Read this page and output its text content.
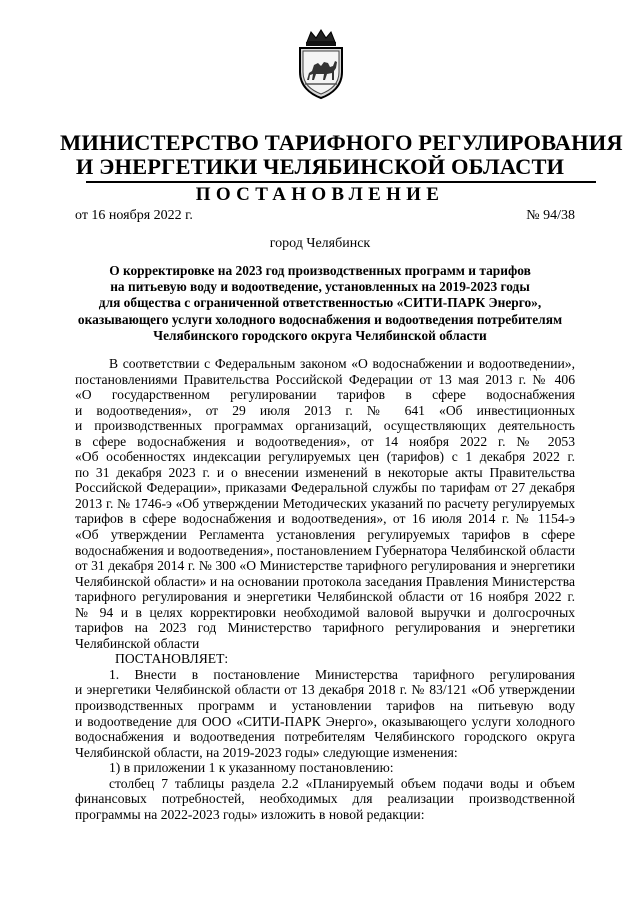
МИНИСТЕРСТВО ТАРИФНОГО РЕГУЛИРОВАНИЯ
И ЭНЕРГЕТИКИ ЧЕЛЯБИНСКОЙ ОБЛАСТИ
ПОСТАНОВЛЕНИЕ
от 16 ноября 2022 г.	№ 94/38
город Челябинск
О корректировке на 2023 год производственных программ и тарифов
на питьевую воду и водоотведение, установленных на 2019-2023 годы
для общества с ограниченной ответственностью «СИТИ-ПАРК Энерго»,
оказывающего услуги холодного водоснабжения и водоотведения потребителям
Челябинского городского округа Челябинской области
В соответствии с Федеральным законом «О водоснабжении и водоотведении»,
постановлениями Правительства Российской Федерации от 13 мая 2013 г. № 406
«О государственном регулировании тарифов в сфере водоснабжения
и водоотведения», от 29 июля 2013 г. № 641 «Об инвестиционных
и производственных программах организаций, осуществляющих деятельность
в сфере водоснабжения и водоотведения», от 14 ноября 2022 г. № 2053
«Об особенностях индексации регулируемых цен (тарифов) с 1 декабря 2022 г.
по 31 декабря 2023 г. и о внесении изменений в некоторые акты Правительства
Российской Федерации», приказами Федеральной службы по тарифам от 27 декабря
2013 г. № 1746-э «Об утверждении Методических указаний по расчету регулируемых
тарифов в сфере водоснабжения и водоотведения», от 16 июля 2014 г. № 1154-э
«Об утверждении Регламента установления регулируемых тарифов в сфере
водоснабжения и водоотведения», постановлением Губернатора Челябинской области
от 31 декабря 2014 г. № 300 «О Министерстве тарифного регулирования и энергетики
Челябинской области» и на основании протокола заседания Правления Министерства
тарифного регулирования и энергетики Челябинской области от 16 ноября 2022 г.
№ 94 и в целях корректировки необходимой валовой выручки и долгосрочных
тарифов на 2023 год Министерство тарифного регулирования и энергетики
Челябинской области
ПОСТАНОВЛЯЕТ:
1. Внести в постановление Министерства тарифного регулирования
и энергетики Челябинской области от 13 декабря 2018 г. № 83/121 «Об утверждении
производственных программ и установлении тарифов на питьевую воду
и водоотведение для ООО «СИТИ-ПАРК Энерго», оказывающего услуги холодного
водоснабжения и водоотведения потребителям Челябинского городского округа
Челябинской области, на 2019-2023 годы» следующие изменения:
1) в приложении 1 к указанному постановлению:
столбец 7 таблицы раздела 2.2 «Планируемый объем подачи воды и объем
финансовых потребностей, необходимых для реализации производственной
программы на 2022-2023 годы» изложить в новой редакции:
